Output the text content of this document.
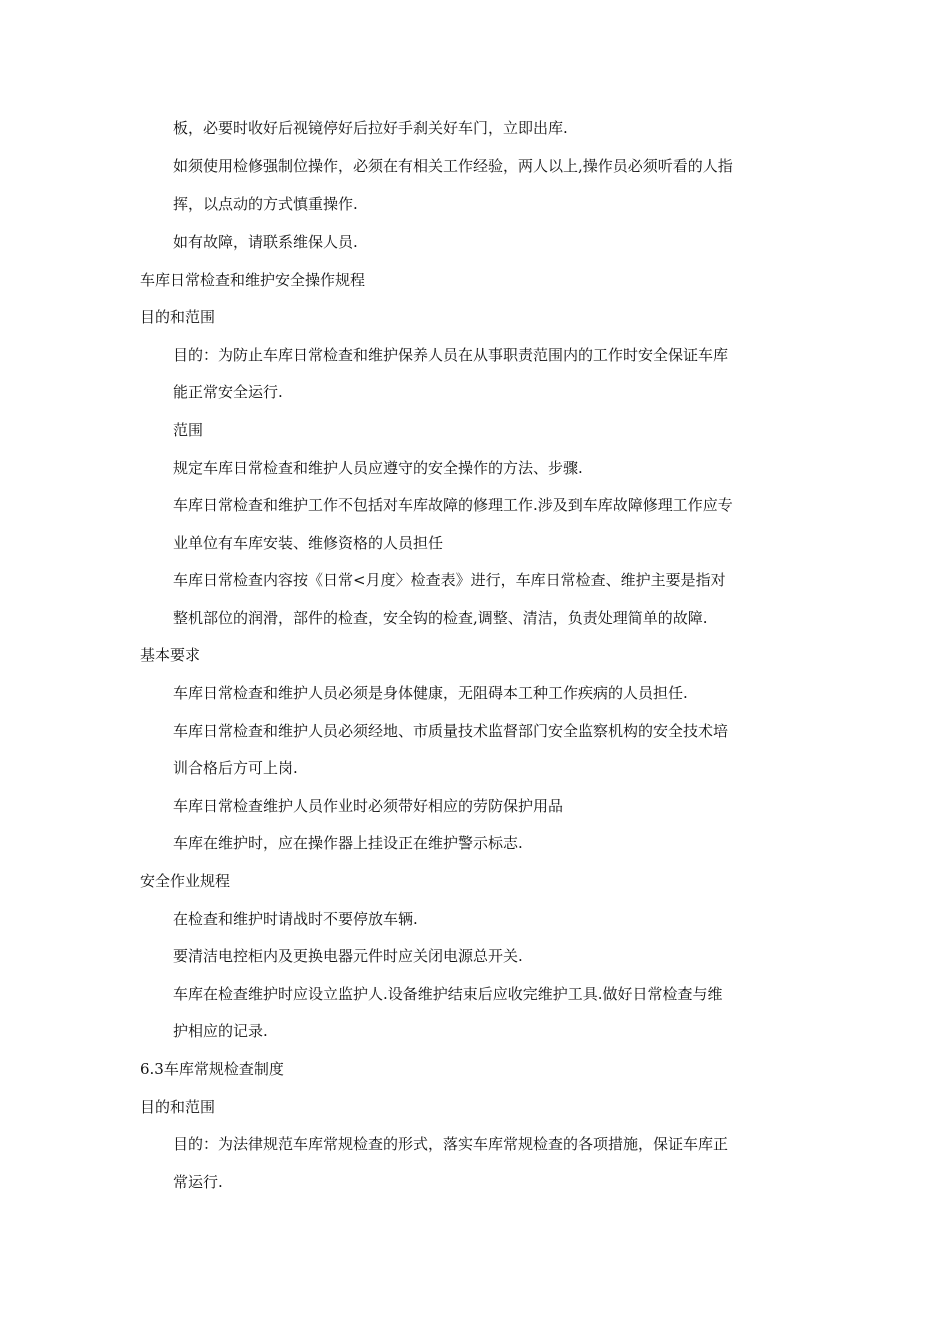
板，必要时收好后视镜停好后拉好手刹关好车门，立即出库.
如须使用检修强制位操作，必须在有相关工作经验，两人以上,操作员必须听看的人指
挥，以点动的方式慎重操作.
如有故障，请联系维保人员.
车库日常检查和维护安全操作规程
目的和范围
目的：为防止车库日常检查和维护保养人员在从事职责范围内的工作时安全保证车库
能正常安全运行.
范围
规定车库日常检查和维护人员应遵守的安全操作的方法、步骤.
车库日常检查和维护工作不包括对车库故障的修理工作.涉及到车库故障修理工作应专
业单位有车库安装、维修资格的人员担任
车库日常检查内容按《日常<月度〉检查表》进行，车库日常检查、维护主要是指对
整机部位的润滑，部件的检查，安全钩的检查,调整、清洁，负责处理简单的故障.
基本要求
车库日常检查和维护人员必须是身体健康，无阻碍本工种工作疾病的人员担任.
车库日常检查和维护人员必须经地、市质量技术监督部门安全监察机构的安全技术培
训合格后方可上岗.
车库日常检查维护人员作业时必须带好相应的劳防保护用品
车库在维护时，应在操作器上挂设正在维护警示标志.
安全作业规程
在检查和维护时请战时不要停放车辆.
要清洁电控柜内及更换电器元件时应关闭电源总开关.
车库在检查维护时应设立监护人.设备维护结束后应收完维护工具.做好日常检查与维
护相应的记录.
6.3车库常规检查制度
目的和范围
目的：为法律规范车库常规检查的形式，落实车库常规检查的各项措施，保证车库正
常运行.
